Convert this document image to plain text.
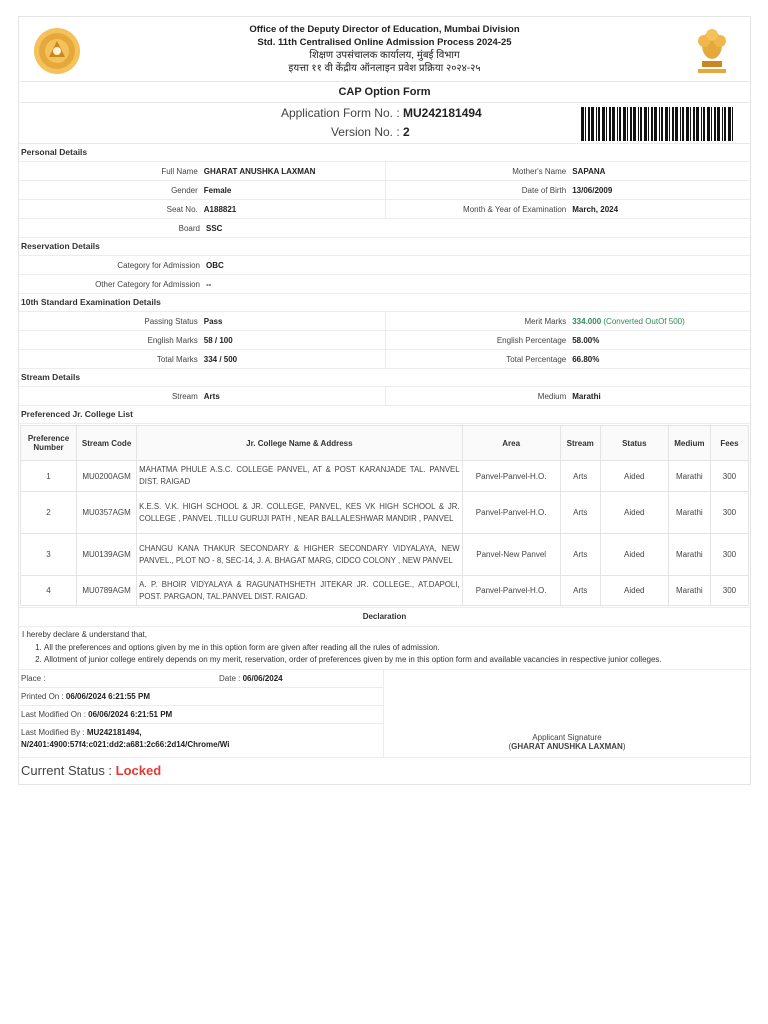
Office of the Deputy Director of Education, Mumbai Division
Std. 11th Centralised Online Admission Process 2024-25
शिक्षण उपसंचालक कार्यालय, मुंबई विभाग
इयत्ता ११ वी केंद्रीय ऑनलाइन प्रवेश प्रक्रिया २०२४-२५
CAP Option Form
Application Form No. : MU242181494
Version No. : 2
Personal Details
Full Name GHARAT ANUSHKA LAXMAN	Mother's Name SAPANA
Gender Female	Date of Birth 13/06/2009
Seat No. A188821	Month & Year of Examination March, 2024
Board SSC
Reservation Details
Category for Admission OBC
Other Category for Admission --
10th Standard Examination Details
Passing Status Pass	Merit Marks 334.000
(Converted OutOf 500)
English Marks 58 / 100	English Percentage 58.00%
Total Marks 334 / 500	Total Percentage 66.80%
Stream Details
Stream Arts	Medium Marathi
Preferenced Jr. College List
Preference Number	Stream Code	Jr. College Name & Address	Area	Stream	Status	Medium	Fees
1	MU0200AGM	MAHATMA PHULE A.S.C. COLLEGE PANVEL, AT & POST KARANJADE TAL. PANVEL DIST. RAIGAD	Panvel-Panvel-H.O.	Arts	Aided	Marathi	300
2	MU0357AGM	K.E.S. V.K. HIGH SCHOOL & JR. COLLEGE, PANVEL, KES VK HIGH SCHOOL & JR. COLLEGE , PANVEL .TILLU GURUJI PATH , NEAR BALLALESHWAR MANDIR , PANVEL	Panvel-Panvel-H.O.	Arts	Aided	Marathi	300
3	MU0139AGM	CHANGU KANA THAKUR SECONDARY & HIGHER SECONDARY VIDYALAYA, NEW PANVEL., PLOT NO - 8, SEC-14, J. A. BHAGAT MARG, CIDCO COLONY , NEW PANVEL	Panvel-New Panvel	Arts	Aided	Marathi	300
4	MU0789AGM	A. P. BHOIR VIDYALAYA & RAGUNATHSHETH JITEKAR JR. COLLEGE., AT.DAPOLI, POST. PARGAON, TAL.PANVEL DIST. RAIGAD.	Panvel-Panvel-H.O.	Arts	Aided	Marathi	300
Declaration
I hereby declare & understand that,
1. All the preferences and options given by me in this option form are given after reading all the rules of admission.
2. Allotment of junior college entirely depends on my merit, reservation, order of preferences given by me in this option form and available vacancies in respective junior colleges.
Place :	Date :
06/06/2024
Printed On :
06/06/2024 6:21:55 PM
Last Modified On :
06/06/2024 6:21:51 PM
Last Modified By : MU242181494,
N/2401:4900:57f4:c021:dd2:a681:2c66:2d14/Chrome/Wi
Applicant Signature
(GHARAT ANUSHKA LAXMAN)
Current Status : Locked
